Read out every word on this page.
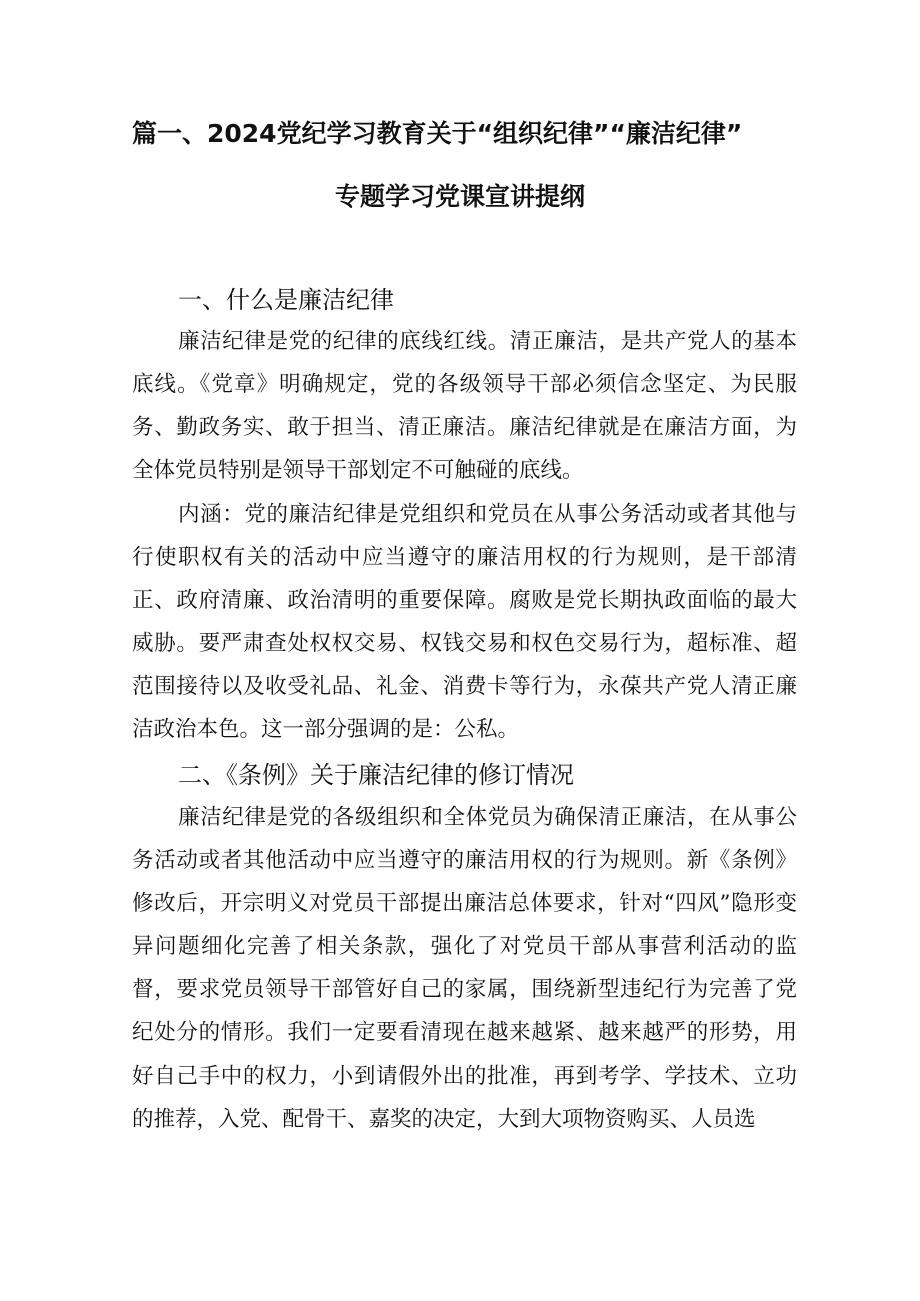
篇一、2024党纪学习教育关于“组织纪律”“廉洁纪律”
专题学习党课宣讲提纲
一、什么是廉洁纪律

廉洁纪律是党的纪律的底线红线。清正廉洁，是共产党人的基本底线。《党章》明确规定，党的各级领导干部必须信念坚定、为民服务、勤政务实、敢于担当、清正廉洁。廉洁纪律就是在廉洁方面，为全体党员特别是领导干部划定不可触碰的底线。

内涵：党的廉洁纪律是党组织和党员在从事公务活动或者其他与行使职权有关的活动中应当遵守的廉洁用权的行为规则，是干部清正、政府清廉、政治清明的重要保障。腐败是党长期执政面临的最大威胁。要严肃查处权权交易、权钱交易和权色交易行为，超标准、超范围接待以及收受礼品、礼金、消费卡等行为，永葆共产党人清正廉洁政治本色。这一部分强调的是：公私。

二、《条例》关于廉洁纪律的修订情况

廉洁纪律是党的各级组织和全体党员为确保清正廉洁，在从事公务活动或者其他活动中应当遵守的廉洁用权的行为规则。新《条例》修改后，开宗明义对党员干部提出廉洁总体要求，针对“四风”隐形变异问题细化完善了相关条款，强化了对党员干部从事营利活动的监督，要求党员领导干部管好自己的家属，围绕新型违纪行为完善了党纪处分的情形。我们一定要看清现在越来越紧、越来越严的形势，用好自己手中的权力，小到请假外出的批准，再到考学、学技术、立功的推荐，入党、配骨干、嘉奖的决定，大到大项物资购买、人员选
